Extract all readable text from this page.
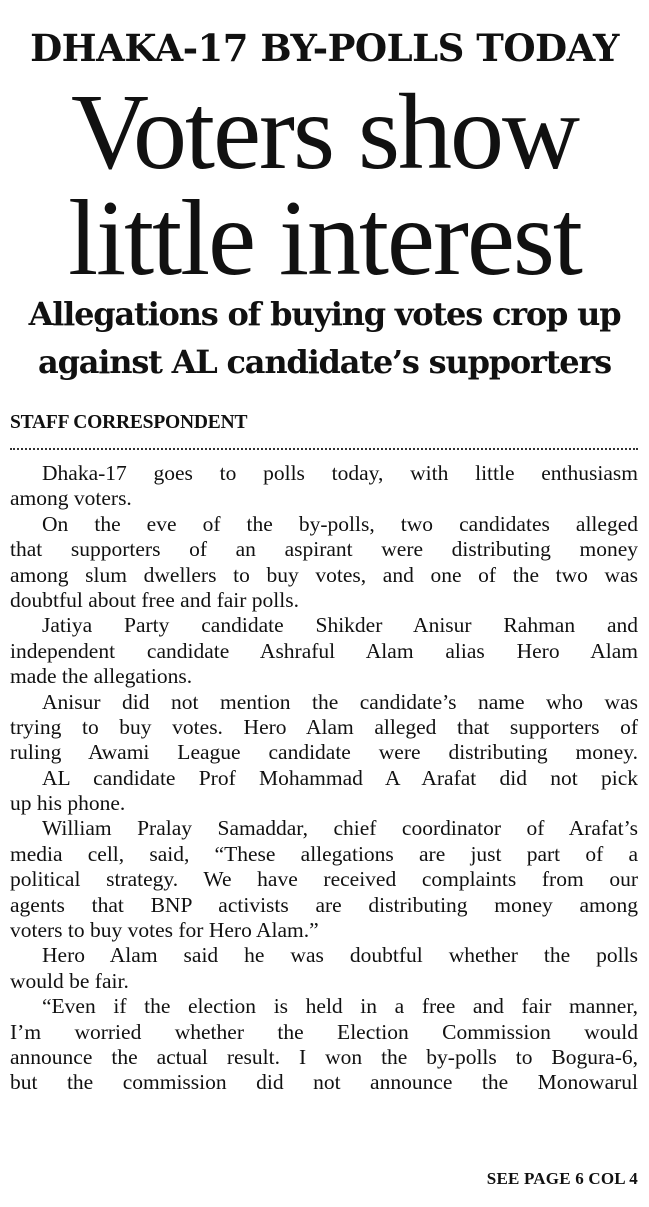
DHAKA-17 BY-POLLS TODAY
Voters show
little interest
Allegations of buying votes crop up
against AL candidate’s supporters
STAFF CORRESPONDENT
Dhaka-17 goes to polls today, with little enthusiasm
among voters.
On the eve of the by-polls, two candidates alleged
that supporters of an aspirant were distributing money
among slum dwellers to buy votes, and one of the two was
doubtful about free and fair polls.
Jatiya Party candidate Shikder Anisur Rahman and
independent candidate Ashraful Alam alias Hero Alam
made the allegations.
Anisur did not mention the candidate’s name who was
trying to buy votes. Hero Alam alleged that supporters of
ruling Awami League candidate were distributing money.
AL candidate Prof Mohammad A Arafat did not pick
up his phone.
William Pralay Samaddar, chief coordinator of Arafat’s
media cell, said, “These allegations are just part of a
political strategy. We have received complaints from our
agents that BNP activists are distributing money among
voters to buy votes for Hero Alam.”
Hero Alam said he was doubtful whether the polls
would be fair.
“Even if the election is held in a free and fair manner,
I’m worried whether the Election Commission would
announce the actual result. I won the by-polls to Bogura-6,
but the commission did not announce the Monowarul
SEE PAGE 6 COL 4
